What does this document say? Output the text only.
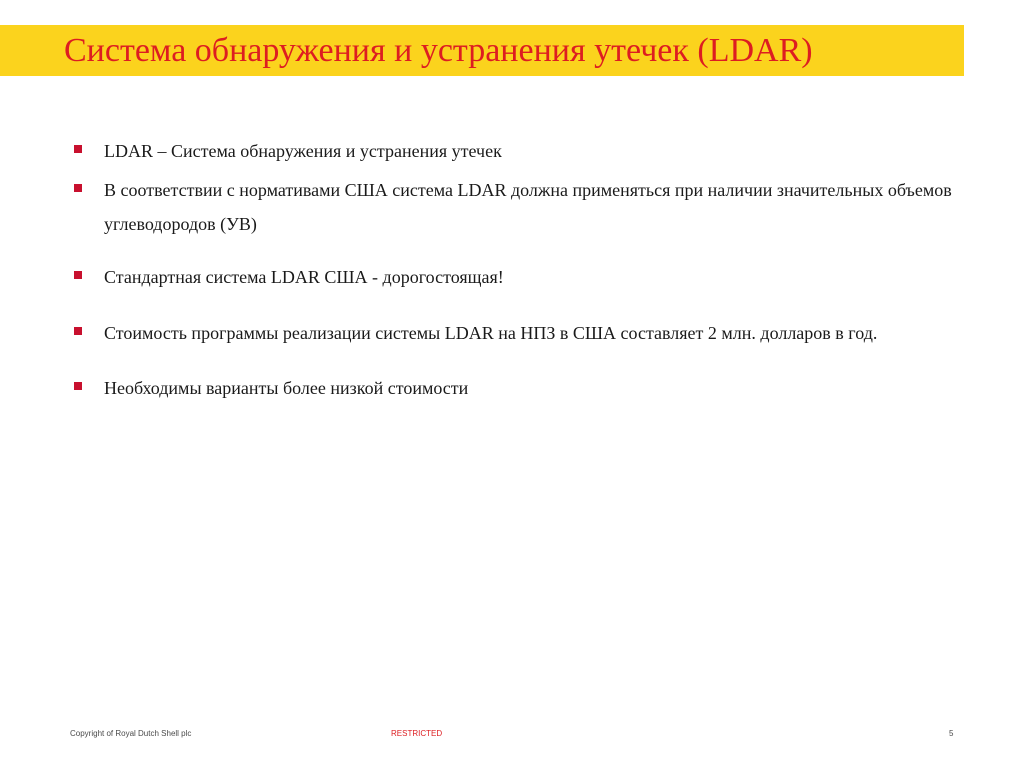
Система обнаружения и устранения утечек (LDAR)
LDAR – Система обнаружения и устранения утечек
В соответствии с нормативами США система LDAR должна применяться при наличии значительных объемов углеводородов (УВ)
Стандартная система LDAR США - дорогостоящая!
Стоимость программы реализации системы LDAR на НПЗ в США составляет 2 млн. долларов в год.
Необходимы варианты более низкой стоимости
Copyright of Royal Dutch Shell plc	RESTRICTED	5
